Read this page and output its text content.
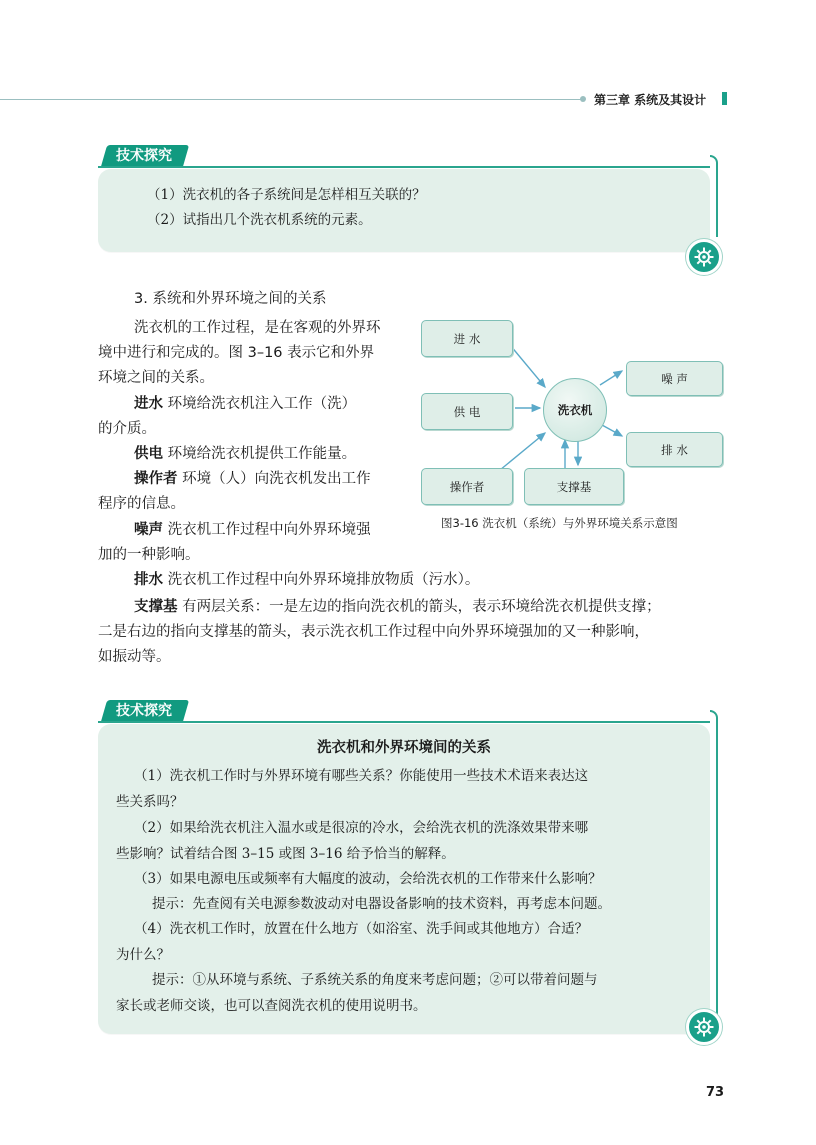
第三章 系统及其设计
技术探究
（1）洗衣机的各子系统间是怎样相互关联的？
（2）试指出几个洗衣机系统的元素。
3. 系统和外界环境之间的关系
洗衣机的工作过程，是在客观的外界环
境中进行和完成的。图 3–16 表示它和外界
环境之间的关系。
进水 环境给洗衣机注入工作（洗）
的介质。
供电 环境给洗衣机提供工作能量。
操作者 环境（人）向洗衣机发出工作
程序的信息。
噪声 洗衣机工作过程中向外界环境强
加的一种影响。
排水 洗衣机工作过程中向外界环境排放物质（污水）。
支撑基 有两层关系：一是左边的指向洗衣机的箭头，表示环境给洗衣机提供支撑；
二是右边的指向支撑基的箭头，表示洗衣机工作过程中向外界环境强加的又一种影响，
如振动等。
进 水
供 电
操作者	支撑基
噪 声
排 水
洗衣机
图3-16 洗衣机（系统）与外界环境关系示意图
技术探究
洗衣机和外界环境间的关系
（1）洗衣机工作时与外界环境有哪些关系？你能使用一些技术术语来表达这
些关系吗？
（2）如果给洗衣机注入温水或是很凉的冷水，会给洗衣机的洗涤效果带来哪
些影响？试着结合图 3–15 或图 3–16 给予恰当的解释。
（3）如果电源电压或频率有大幅度的波动，会给洗衣机的工作带来什么影响？
提示：先查阅有关电源参数波动对电器设备影响的技术资料，再考虑本问题。
（4）洗衣机工作时，放置在什么地方（如浴室、洗手间或其他地方）合适？
为什么？
提示：①从环境与系统、子系统关系的角度来考虑问题；②可以带着问题与
家长或老师交谈，也可以查阅洗衣机的使用说明书。
73
